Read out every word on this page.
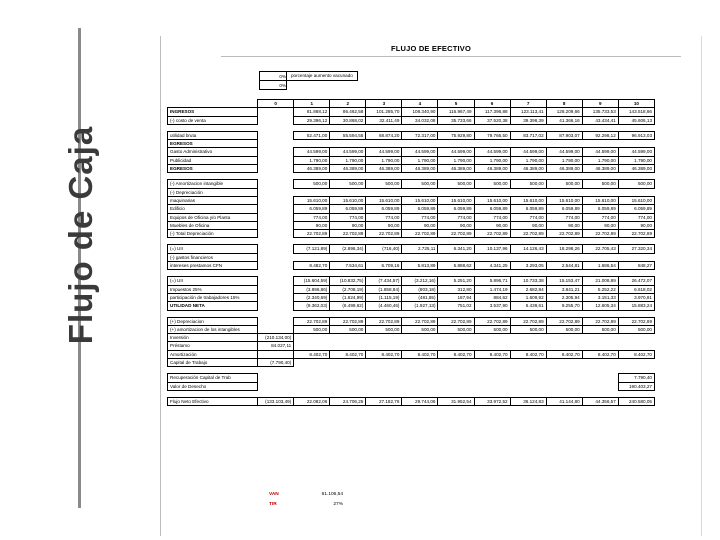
Flujo de Caja
FLUJO DE EFECTIVO
0% porcentaje aumento vacunado
0%
	0	1	2	3	4	5	6	7	8	9	10
INGRESOS		81.868,12	86.462,58	101.285,70	108.340,90	116.967,49	117.396,88	123.113,41	128.209,66	135.733,53	143.518,66
(-) costo de venta		29.396,12	30.868,02	32.411,49	34.032,08	35.733,66	37.520,38	39.396,39	41.366,16	43.434,41	45.606,13

utilidad bruta		52.471,00	55.594,55	68.874,20	72.317,00	75.929,80	79.766,50	83.717,02	87.903,07	92.298,12	96.913,03
EGRESOS											
Gasto Administrativo		44.599,00	44.599,00	44.599,00	44.599,00	44.599,00	44.599,00	44.599,00	44.599,00	44.599,00	44.599,00
Publicidad		1.790,00	1.790,00	1.790,00	1.790,00	1.790,00	1.790,00	1.790,00	1.790,00	1.790,00	1.790,00
EGRESOS		46.389,00	46.389,00	46.389,00	46.389,00	46.389,00	46.389,00	46.389,00	46.389,00	46.389,00	46.389,00

(-) Amortizacion intangible		500,00	500,00	500,00	500,00	500,00	500,00	500,00	500,00	500,00	500,00
(-) Depreciación											
maquinarias		15.610,00	15.610,00	15.610,00	15.610,00	15.610,00	15.610,00	15.610,00	15.610,00	15.610,00	15.610,00
Edificio		6.059,89	6.059,89	6.059,89	6.059,89	6.059,89	6.059,89	6.059,89	6.059,89	6.059,89	6.059,89
Equipos de Oficina y/o Planta		774,00	774,00	774,00	774,00	774,00	774,00	774,00	774,00	774,00	774,00
Muebles de Oficina		90,00	90,00	90,00	90,00	90,00	90,00	90,00	90,00	90,00	90,00
(-) Total Depreciación		22.702,89	22.702,89	22.702,89	22.702,89	22.702,89	22.702,89	22.702,89	22.702,89	22.702,89	22.702,89

(=) UII		(7.121,89)	(2.896,34)	(716,40)	2.725,11	6.341,20	10.137,96	14.126,43	18.298,26	22.705,43	27.320,34
(-) gastos financieros											
intereses prestamos CFN		8.482,70	7.534,61	6.709,16	5.813,89	5.888,62	4.341,25	3.293,05	2.544,81	1.686,54	848,27

(=) UII		(15.604,59)	(10.832,75)	(7.434,57)	(3.212,16)	5.251,20	5.896,71	10.733,38	15.153,47	21.008,89	26.472,07
Impuestos 25%		(3.896,86)	(2.708,19)	(1.858,84)	(803,18)	312,80	1.474,19	2.682,84	3.841,21	5.252,22	6.618,02
participación de trabajadores 15%		(2.340,69)	(1.624,99)	(1.115,19)	(481,85)	187,94	884,62	1.609,92	2.305,94	3.151,33	3.970,81
UTILIDAD NETA		(9.362,03)	(6.499,62)	(4.460,46)	(1.927,13)	751,02	3.537,90	6.439,61	9.255,70	12.605,34	15.883,24

(+) Depreciacion		22.702,89	22.702,89	22.702,89	22.702,89	22.702,89	22.702,89	22.702,89	22.702,89	22.702,89	22.702,89
(+) amortizacion de los intangibles		500,00	500,00	500,00	500,00	500,00	500,00	500,00	500,00	500,00	500,00
Inversión	(210.134,00)										
Préstamo	84.027,11										
Amortización		8.402,70	8.402,70	8.402,70	8.402,70	8.402,70	8.402,70	8.402,70	8.402,70	8.402,70	8.402,70
Capital de Trabajo	(7.790,40)										

Recuperación Capital de Trab											7.790,40
Valor de Desecho											190.403,27

Flujo Neto Efectivo	(133.103,49)	22.082,06	24.706,25	27.182,76	29.744,06	31.952,54	33.972,52	36.124,83	41.144,80	44.356,57	240.580,05
VAN	61.106,54
TIR	27%
